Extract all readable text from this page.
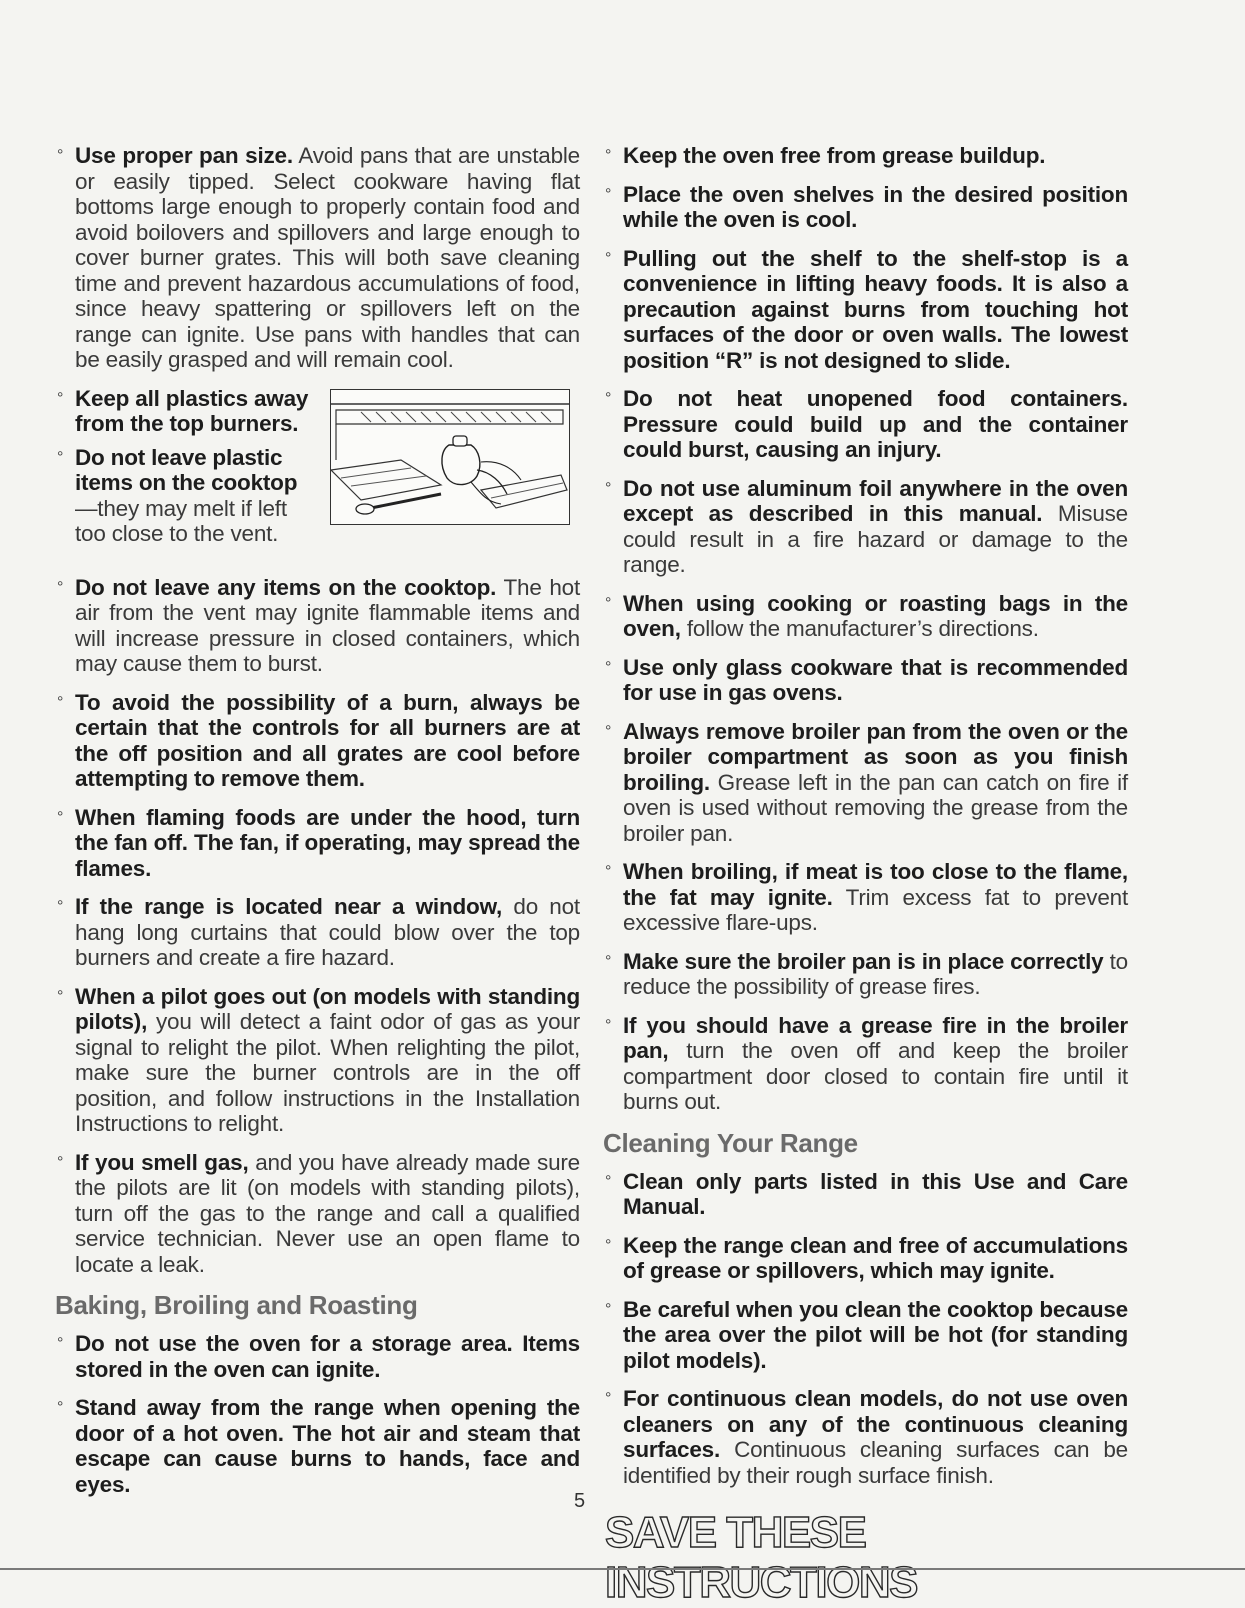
° Use proper pan size. Avoid pans that are unstable or easily tipped. Select cookware having flat bottoms large enough to properly contain food and avoid boilovers and spillovers and large enough to cover burner grates. This will both save cleaning time and prevent hazardous accumulations of food, since heavy spattering or spillovers left on the range can ignite. Use pans with handles that can be easily grasped and will remain cool.
° Keep all plastics away from the top burners.
° Do not leave plastic items on the cooktop—they may melt if left too close to the vent.
° Do not leave any items on the cooktop. The hot air from the vent may ignite flammable items and will increase pressure in closed containers, which may cause them to burst.
° To avoid the possibility of a burn, always be certain that the controls for all burners are at the off position and all grates are cool before attempting to remove them.
° When flaming foods are under the hood, turn the fan off. The fan, if operating, may spread the flames.
° If the range is located near a window, do not hang long curtains that could blow over the top burners and create a fire hazard.
° When a pilot goes out (on models with standing pilots), you will detect a faint odor of gas as your signal to relight the pilot. When relighting the pilot, make sure the burner controls are in the off position, and follow instructions in the Installation Instructions to relight.
° If you smell gas, and you have already made sure the pilots are lit (on models with standing pilots), turn off the gas to the range and call a qualified service technician. Never use an open flame to locate a leak.
Baking, Broiling and Roasting
° Do not use the oven for a storage area. Items stored in the oven can ignite.
° Stand away from the range when opening the door of a hot oven. The hot air and steam that escape can cause burns to hands, face and eyes.
° Keep the oven free from grease buildup.
° Place the oven shelves in the desired position while the oven is cool.
° Pulling out the shelf to the shelf-stop is a convenience in lifting heavy foods. It is also a precaution against burns from touching hot surfaces of the door or oven walls. The lowest position “R” is not designed to slide.
° Do not heat unopened food containers. Pressure could build up and the container could burst, causing an injury.
° Do not use aluminum foil anywhere in the oven except as described in this manual. Misuse could result in a fire hazard or damage to the range.
° When using cooking or roasting bags in the oven, follow the manufacturer’s directions.
° Use only glass cookware that is recommended for use in gas ovens.
° Always remove broiler pan from the oven or the broiler compartment as soon as you finish broiling. Grease left in the pan can catch on fire if oven is used without removing the grease from the broiler pan.
° When broiling, if meat is too close to the flame, the fat may ignite. Trim excess fat to prevent excessive flare-ups.
° Make sure the broiler pan is in place correctly to reduce the possibility of grease fires.
° If you should have a grease fire in the broiler pan, turn the oven off and keep the broiler compartment door closed to contain fire until it burns out.
Cleaning Your Range
° Clean only parts listed in this Use and Care Manual.
° Keep the range clean and free of accumulations of grease or spillovers, which may ignite.
° Be careful when you clean the cooktop because the area over the pilot will be hot (for standing pilot models).
° For continuous clean models, do not use oven cleaners on any of the continuous cleaning surfaces. Continuous cleaning surfaces can be identified by their rough surface finish.
SAVE THESE INSTRUCTIONS
5
